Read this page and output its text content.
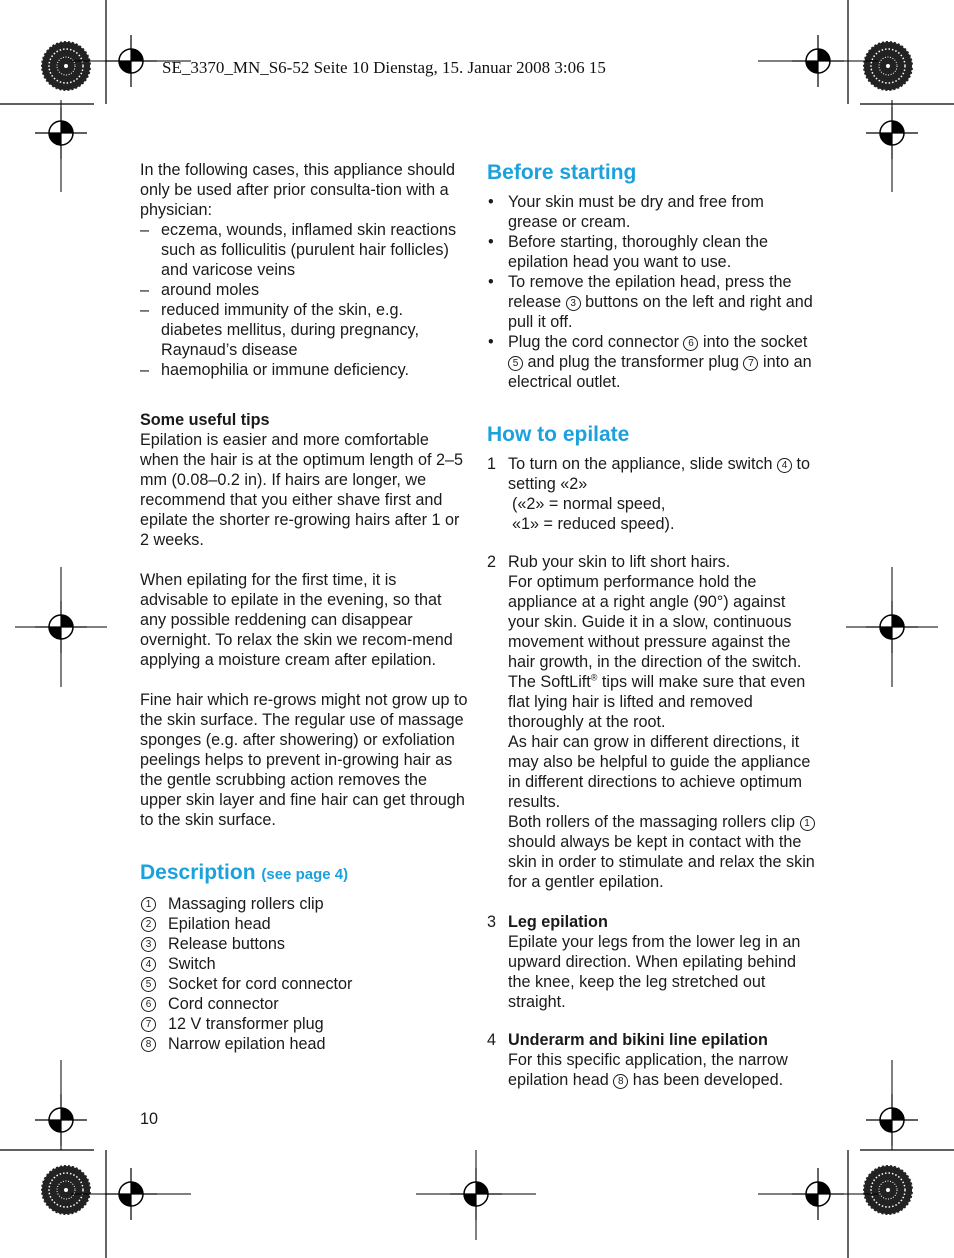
SE_3370_MN_S6-52 Seite 10 Dienstag, 15. Januar 2008 3:06 15

In the following cases, this appliance should only be used after prior consulta-tion with a physician:

– eczema, wounds, inflamed skin reactions such as folliculitis (purulent hair follicles) and varicose veins
– around moles
– reduced immunity of the skin, e.g. diabetes mellitus, during pregnancy, Raynaud’s disease
– haemophilia or immune deficiency.

Some useful tips

Epilation is easier and more comfortable when the hair is at the optimum length of 2–5 mm (0.08–0.2 in). If hairs are longer, we recommend that you either shave first and epilate the shorter re-growing hairs after 1 or 2 weeks.

When epilating for the first time, it is advisable to epilate in the evening, so that any possible reddening can disappear overnight. To relax the skin we recom-mend applying a moisture cream after epilation.

Fine hair which re-grows might not grow up to the skin surface. The regular use of massage sponges (e.g. after showering) or exfoliation peelings helps to prevent in-growing hair as the gentle scrubbing action removes the upper skin layer and fine hair can get through to the skin surface.

Description (see page 4)
1 Massaging rollers clip
2 Epilation head
3 Release buttons
4 Switch
5 Socket for cord connector
6 Cord connector
7 12 V transformer plug
8 Narrow epilation head
Before starting
• Your skin must be dry and free from grease or cream.
• Before starting, thoroughly clean the epilation head you want to use.
• To remove the epilation head, press the release 3 buttons on the left and right and pull it off.
• Plug the cord connector 6 into the socket 5 and plug the transformer plug 7 into an electrical outlet.
How to epilate
1 To turn on the appliance, slide switch 4 to setting «2»

(«2» = normal speed,

«1» = reduced speed).

2 Rub your skin to lift short hairs.

For optimum performance hold the appliance at a right angle (90°) against your skin. Guide it in a slow, continuous movement without pressure against the hair growth, in the direction of the switch. The SoftLift® tips will make sure that even flat lying hair is lifted and removed thoroughly at the root.

As hair can grow in different directions, it may also be helpful to guide the appliance in different directions to achieve optimum results.

Both rollers of the massaging rollers clip 1 should always be kept in contact with the skin in order to stimulate and relax the skin for a gentler epilation.

3 Leg epilation

Epilate your legs from the lower leg in an upward direction. When epilating behind the knee, keep the leg stretched out straight.

4 Underarm and bikini line epilation

For this specific application, the narrow epilation head 8 has been developed.

10
